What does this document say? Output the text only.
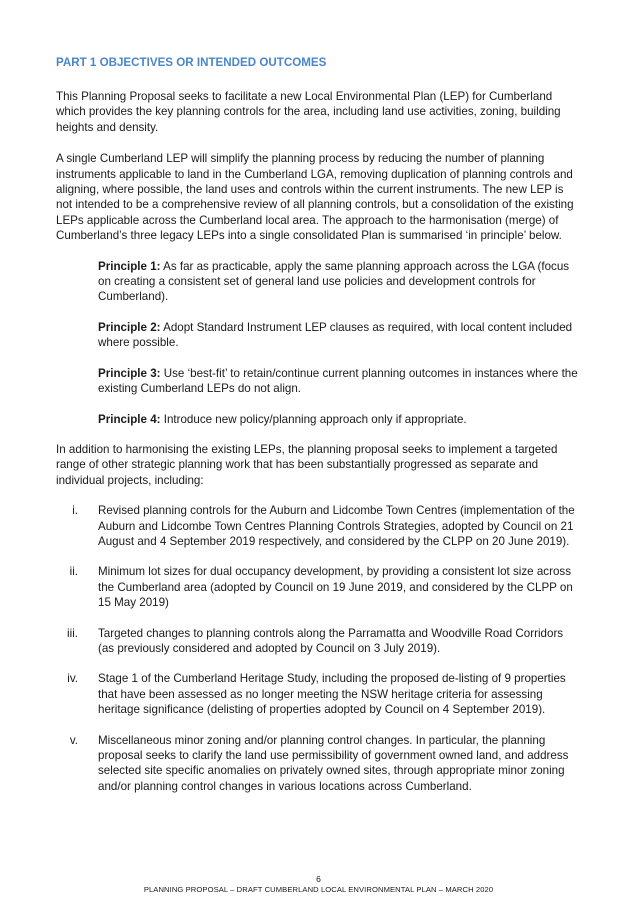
PART 1 OBJECTIVES OR INTENDED OUTCOMES

This Planning Proposal seeks to facilitate a new Local Environmental Plan (LEP) for Cumberland which provides the key planning controls for the area, including land use activities, zoning, building heights and density.

A single Cumberland LEP will simplify the planning process by reducing the number of planning instruments applicable to land in the Cumberland LGA, removing duplication of planning controls and aligning, where possible, the land uses and controls within the current instruments. The new LEP is not intended to be a comprehensive review of all planning controls, but a consolidation of the existing LEPs applicable across the Cumberland local area. The approach to the harmonisation (merge) of Cumberland’s three legacy LEPs into a single consolidated Plan is summarised ‘in principle’ below.

Principle 1: As far as practicable, apply the same planning approach across the LGA (focus on creating a consistent set of general land use policies and development controls for Cumberland).

Principle 2: Adopt Standard Instrument LEP clauses as required, with local content included where possible.

Principle 3: Use ‘best-fit’ to retain/continue current planning outcomes in instances where the existing Cumberland LEPs do not align.

Principle 4: Introduce new policy/planning approach only if appropriate.

In addition to harmonising the existing LEPs, the planning proposal seeks to implement a targeted range of other strategic planning work that has been substantially progressed as separate and individual projects, including:

i. Revised planning controls for the Auburn and Lidcombe Town Centres (implementation of the Auburn and Lidcombe Town Centres Planning Controls Strategies, adopted by Council on 21 August and 4 September 2019 respectively, and considered by the CLPP on 20 June 2019).

ii. Minimum lot sizes for dual occupancy development, by providing a consistent lot size across the Cumberland area (adopted by Council on 19 June 2019, and considered by the CLPP on 15 May 2019)

iii. Targeted changes to planning controls along the Parramatta and Woodville Road Corridors (as previously considered and adopted by Council on 3 July 2019).

iv. Stage 1 of the Cumberland Heritage Study, including the proposed de-listing of 9 properties that have been assessed as no longer meeting the NSW heritage criteria for assessing heritage significance (delisting of properties adopted by Council on 4 September 2019).

v. Miscellaneous minor zoning and/or planning control changes. In particular, the planning proposal seeks to clarify the land use permissibility of government owned land, and address selected site specific anomalies on privately owned sites, through appropriate minor zoning and/or planning control changes in various locations across Cumberland.

6
PLANNING PROPOSAL – DRAFT CUMBERLAND LOCAL ENVIRONMENTAL PLAN – MARCH 2020
